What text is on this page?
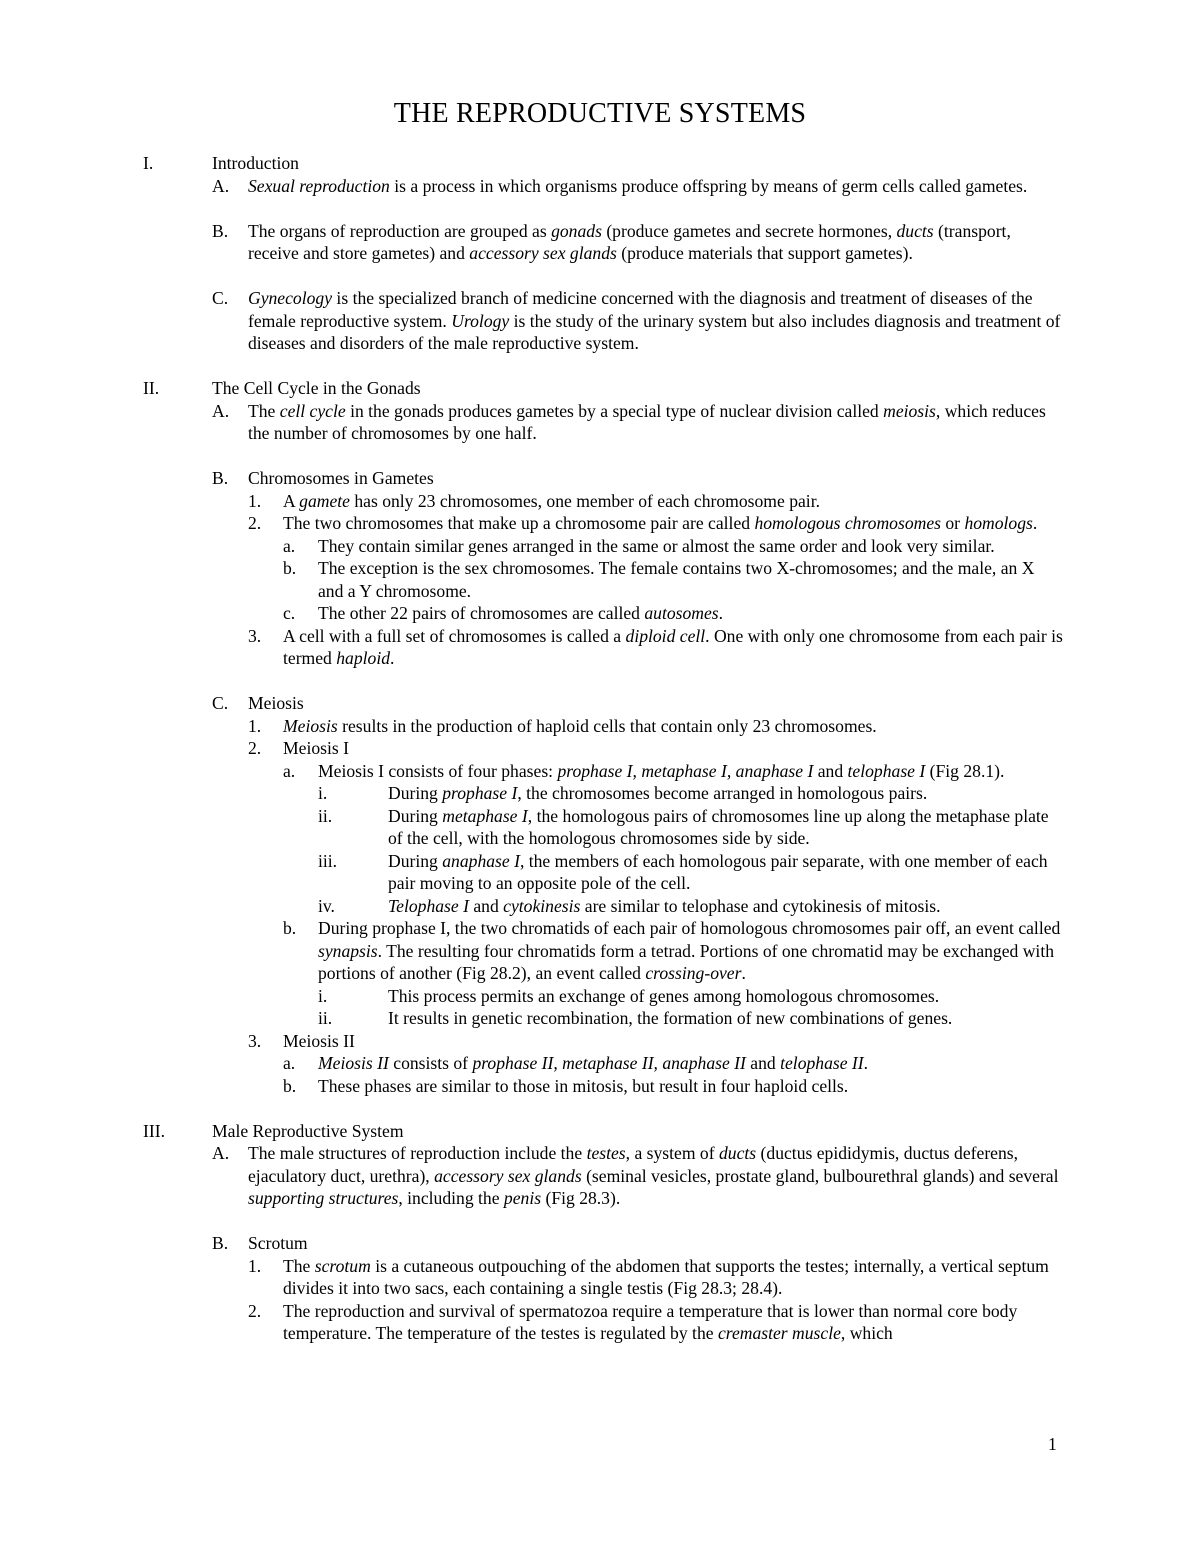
THE REPRODUCTIVE SYSTEMS
I.	Introduction
A. Sexual reproduction is a process in which organisms produce offspring by means of germ cells called gametes.
B. The organs of reproduction are grouped as gonads (produce gametes and secrete hormones, ducts (transport, receive and store gametes) and accessory sex glands (produce materials that support gametes).
C. Gynecology is the specialized branch of medicine concerned with the diagnosis and treatment of diseases of the female reproductive system. Urology is the study of the urinary system but also includes diagnosis and treatment of diseases and disorders of the male reproductive system.
II.	The Cell Cycle in the Gonads
A. The cell cycle in the gonads produces gametes by a special type of nuclear division called meiosis, which reduces the number of chromosomes by one half.
B. Chromosomes in Gametes
1. A gamete has only 23 chromosomes, one member of each chromosome pair.
2. The two chromosomes that make up a chromosome pair are called homologous chromosomes or homologs.
a. They contain similar genes arranged in the same or almost the same order and look very similar.
b. The exception is the sex chromosomes. The female contains two X-chromosomes; and the male, an X and a Y chromosome.
c. The other 22 pairs of chromosomes are called autosomes.
3. A cell with a full set of chromosomes is called a diploid cell. One with only one chromosome from each pair is termed haploid.
C. Meiosis
1. Meiosis results in the production of haploid cells that contain only 23 chromosomes.
2. Meiosis I
a. Meiosis I consists of four phases: prophase I, metaphase I, anaphase I and telophase I (Fig 28.1).
i.	During prophase I, the chromosomes become arranged in homologous pairs.
ii.	During metaphase I, the homologous pairs of chromosomes line up along the metaphase plate of the cell, with the homologous chromosomes side by side.
iii.	During anaphase I, the members of each homologous pair separate, with one member of each pair moving to an opposite pole of the cell.
iv.	Telophase I and cytokinesis are similar to telophase and cytokinesis of mitosis.
b. During prophase I, the two chromatids of each pair of homologous chromosomes pair off, an event called synapsis. The resulting four chromatids form a tetrad. Portions of one chromatid may be exchanged with portions of another (Fig 28.2), an event called crossing-over.
i.	This process permits an exchange of genes among homologous chromosomes.
ii.	It results in genetic recombination, the formation of new combinations of genes.
3. Meiosis II
a. Meiosis II consists of prophase II, metaphase II, anaphase II and telophase II.
b. These phases are similar to those in mitosis, but result in four haploid cells.
III.	Male Reproductive System
A. The male structures of reproduction include the testes, a system of ducts (ductus epididymis, ductus deferens, ejaculatory duct, urethra), accessory sex glands (seminal vesicles, prostate gland, bulbourethral glands) and several supporting structures, including the penis (Fig 28.3).
B. Scrotum
1. The scrotum is a cutaneous outpouching of the abdomen that supports the testes; internally, a vertical septum divides it into two sacs, each containing a single testis (Fig 28.3; 28.4).
2. The reproduction and survival of spermatozoa require a temperature that is lower than normal core body temperature. The temperature of the testes is regulated by the cremaster muscle, which
1
